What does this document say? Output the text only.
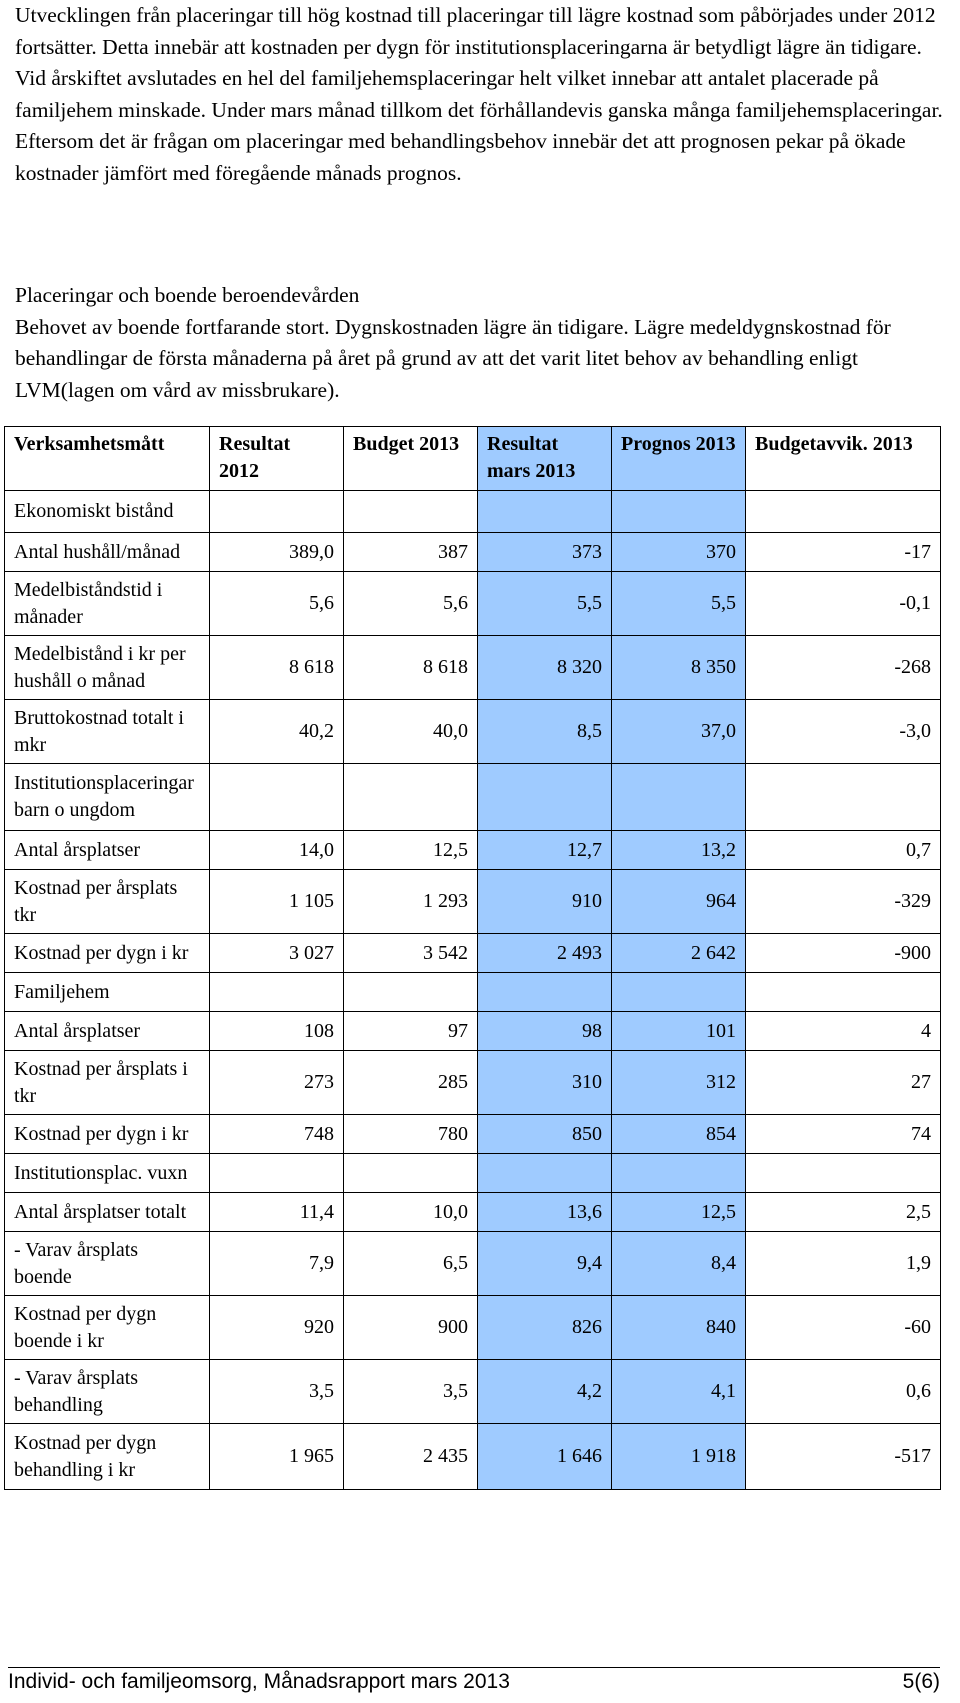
Utvecklingen från placeringar till hög kostnad till placeringar till lägre kostnad som påbörjades under 2012 fortsätter. Detta innebär att kostnaden per dygn för institutionsplaceringarna är betydligt lägre än tidigare. Vid årskiftet avslutades en hel del familjehemsplaceringar helt vilket innebar att antalet placerade på familjehem minskade. Under mars månad tillkom det förhållandevis ganska många familjehemsplaceringar. Eftersom det är frågan om placeringar med behandlingsbehov innebär det att prognosen pekar på ökade kostnader jämfört med föregående månads prognos.

Placeringar och boende beroendevården

Behovet av boende fortfarande stort. Dygnskostnaden lägre än tidigare. Lägre medeldygnskostnad för behandlingar de första månaderna på året på grund av att det varit litet behov av behandling enligt LVM(lagen om vård av missbrukare).

Verksamhetsmått	Resultat 2012	Budget 2013	Resultat mars 2013	Prognos 2013	Budgetavvik. 2013
Ekonomiskt bistånd					
Antal hushåll/månad	389,0	387	373	370	-17
Medelbiståndstid i månader	5,6	5,6	5,5	5,5	-0,1
Medelbistånd i kr per hushåll o månad	8 618	8 618	8 320	8 350	-268
Bruttokostnad totalt i mkr	40,2	40,0	8,5	37,0	-3,0
Institutionsplaceringar barn o ungdom					
Antal årsplatser	14,0	12,5	12,7	13,2	0,7
Kostnad per årsplats tkr	1 105	1 293	910	964	-329
Kostnad per dygn i kr	3 027	3 542	2 493	2 642	-900
Familjehem					
Antal årsplatser	108	97	98	101	4
Kostnad per årsplats i tkr	273	285	310	312	27
Kostnad per dygn i kr	748	780	850	854	74
Institutionsplac. vuxn					
Antal årsplatser totalt	11,4	10,0	13,6	12,5	2,5
- Varav årsplats boende	7,9	6,5	9,4	8,4	1,9
Kostnad per dygn boende i kr	920	900	826	840	-60
- Varav årsplats behandling	3,5	3,5	4,2	4,1	0,6
Kostnad per dygn behandling i kr	1 965	2 435	1 646	1 918	-517
Individ- och familjeomsorg, Månadsrapport mars 2013	5(6)
